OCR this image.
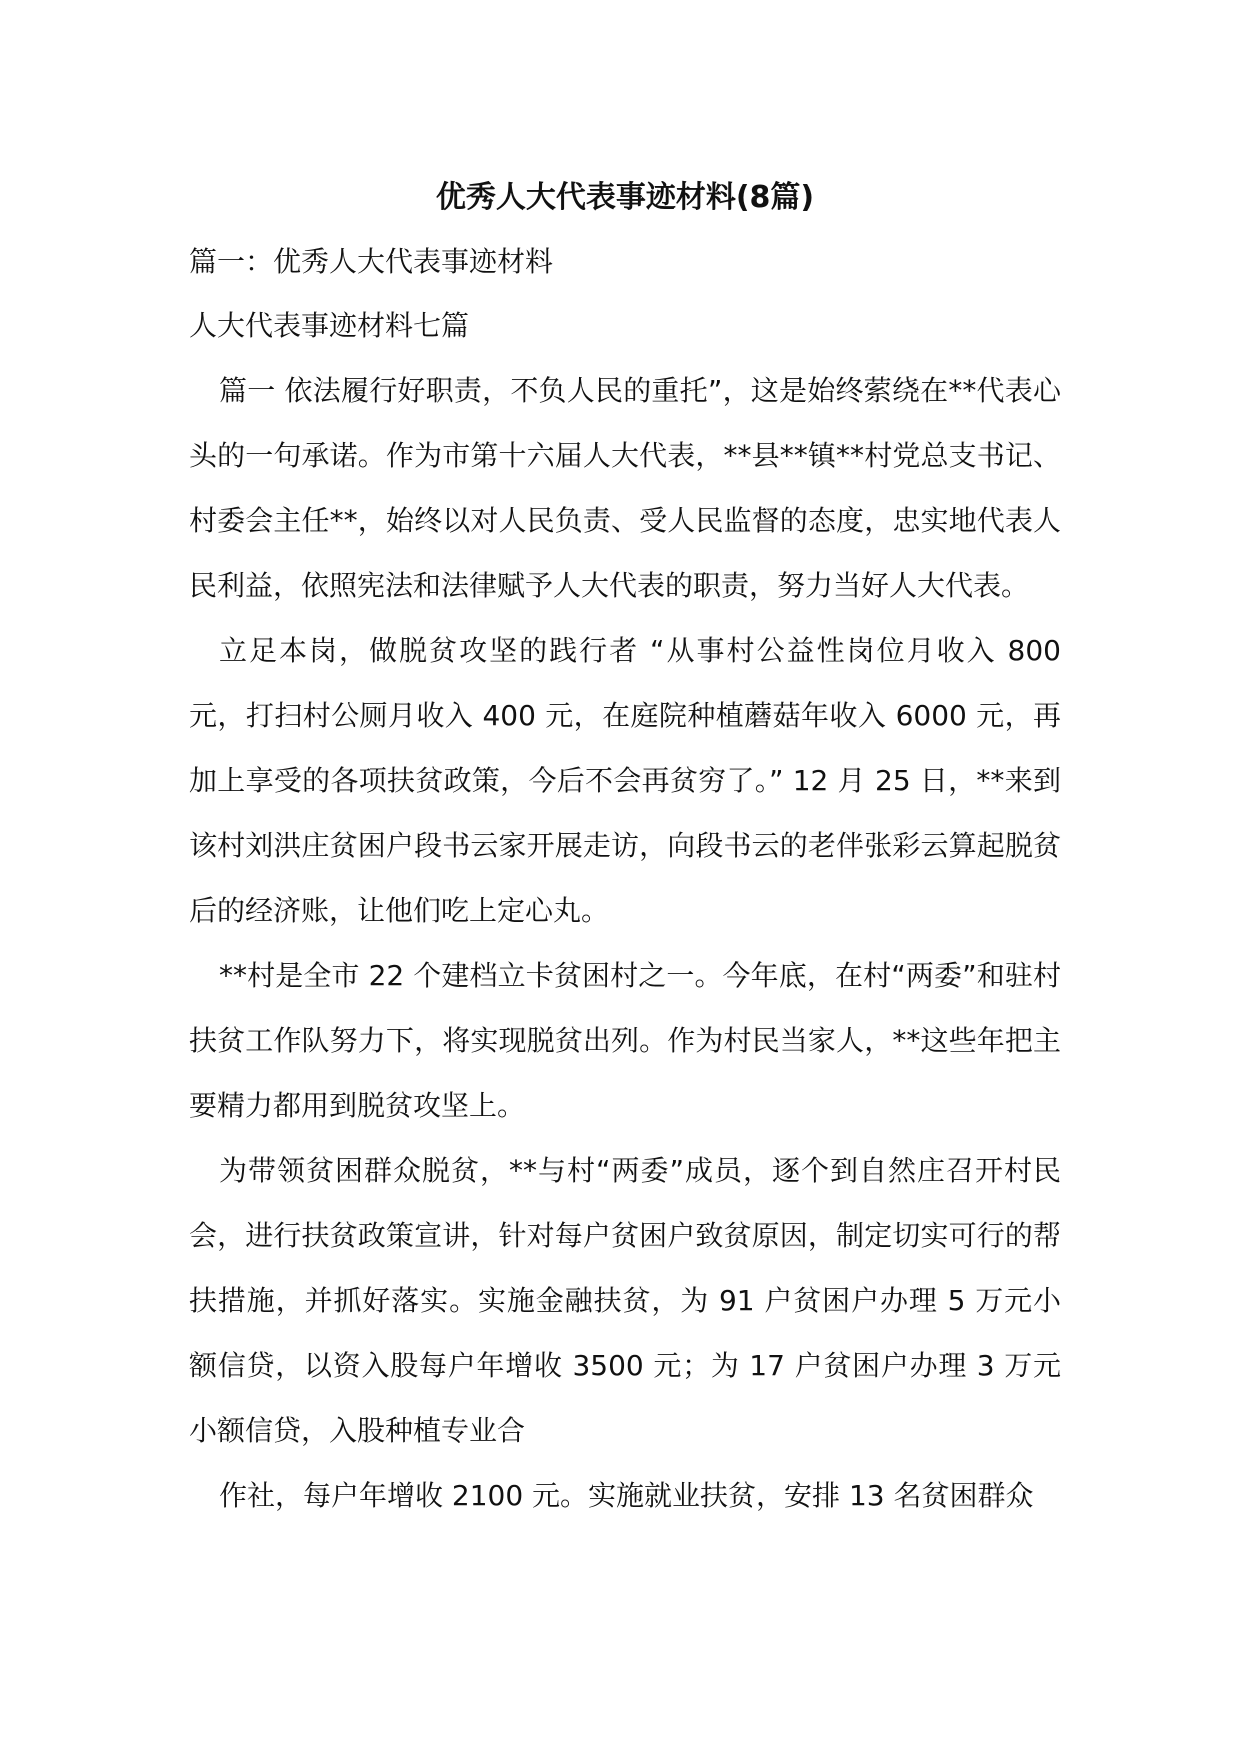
优秀人大代表事迹材料(8篇)

篇一：优秀人大代表事迹材料

人大代表事迹材料七篇

篇一 依法履行好职责，不负人民的重托”，这是始终萦绕在**代表心头的一句承诺。作为市第十六届人大代表，**县**镇**村党总支书记、村委会主任**，始终以对人民负责、受人民监督的态度，忠实地代表人民利益，依照宪法和法律赋予人大代表的职责，努力当好人大代表。

立足本岗，做脱贫攻坚的践行者 “从事村公益性岗位月收入 800 元，打扫村公厕月收入 400 元，在庭院种植蘑菇年收入 6000 元，再加上享受的各项扶贫政策，今后不会再贫穷了。” 12 月 25 日，**来到该村刘洪庄贫困户段书云家开展走访，向段书云的老伴张彩云算起脱贫后的经济账，让他们吃上定心丸。

**村是全市 22 个建档立卡贫困村之一。今年底，在村“两委”和驻村扶贫工作队努力下，将实现脱贫出列。作为村民当家人，**这些年把主要精力都用到脱贫攻坚上。

为带领贫困群众脱贫，**与村“两委”成员，逐个到自然庄召开村民会，进行扶贫政策宣讲，针对每户贫困户致贫原因，制定切实可行的帮扶措施，并抓好落实。实施金融扶贫，为 91 户贫困户办理 5 万元小额信贷，以资入股每户年增收 3500 元；为 17 户贫困户办理 3 万元小额信贷，入股种植专业合

作社，每户年增收 2100 元。实施就业扶贫，安排 13 名贫困群众
